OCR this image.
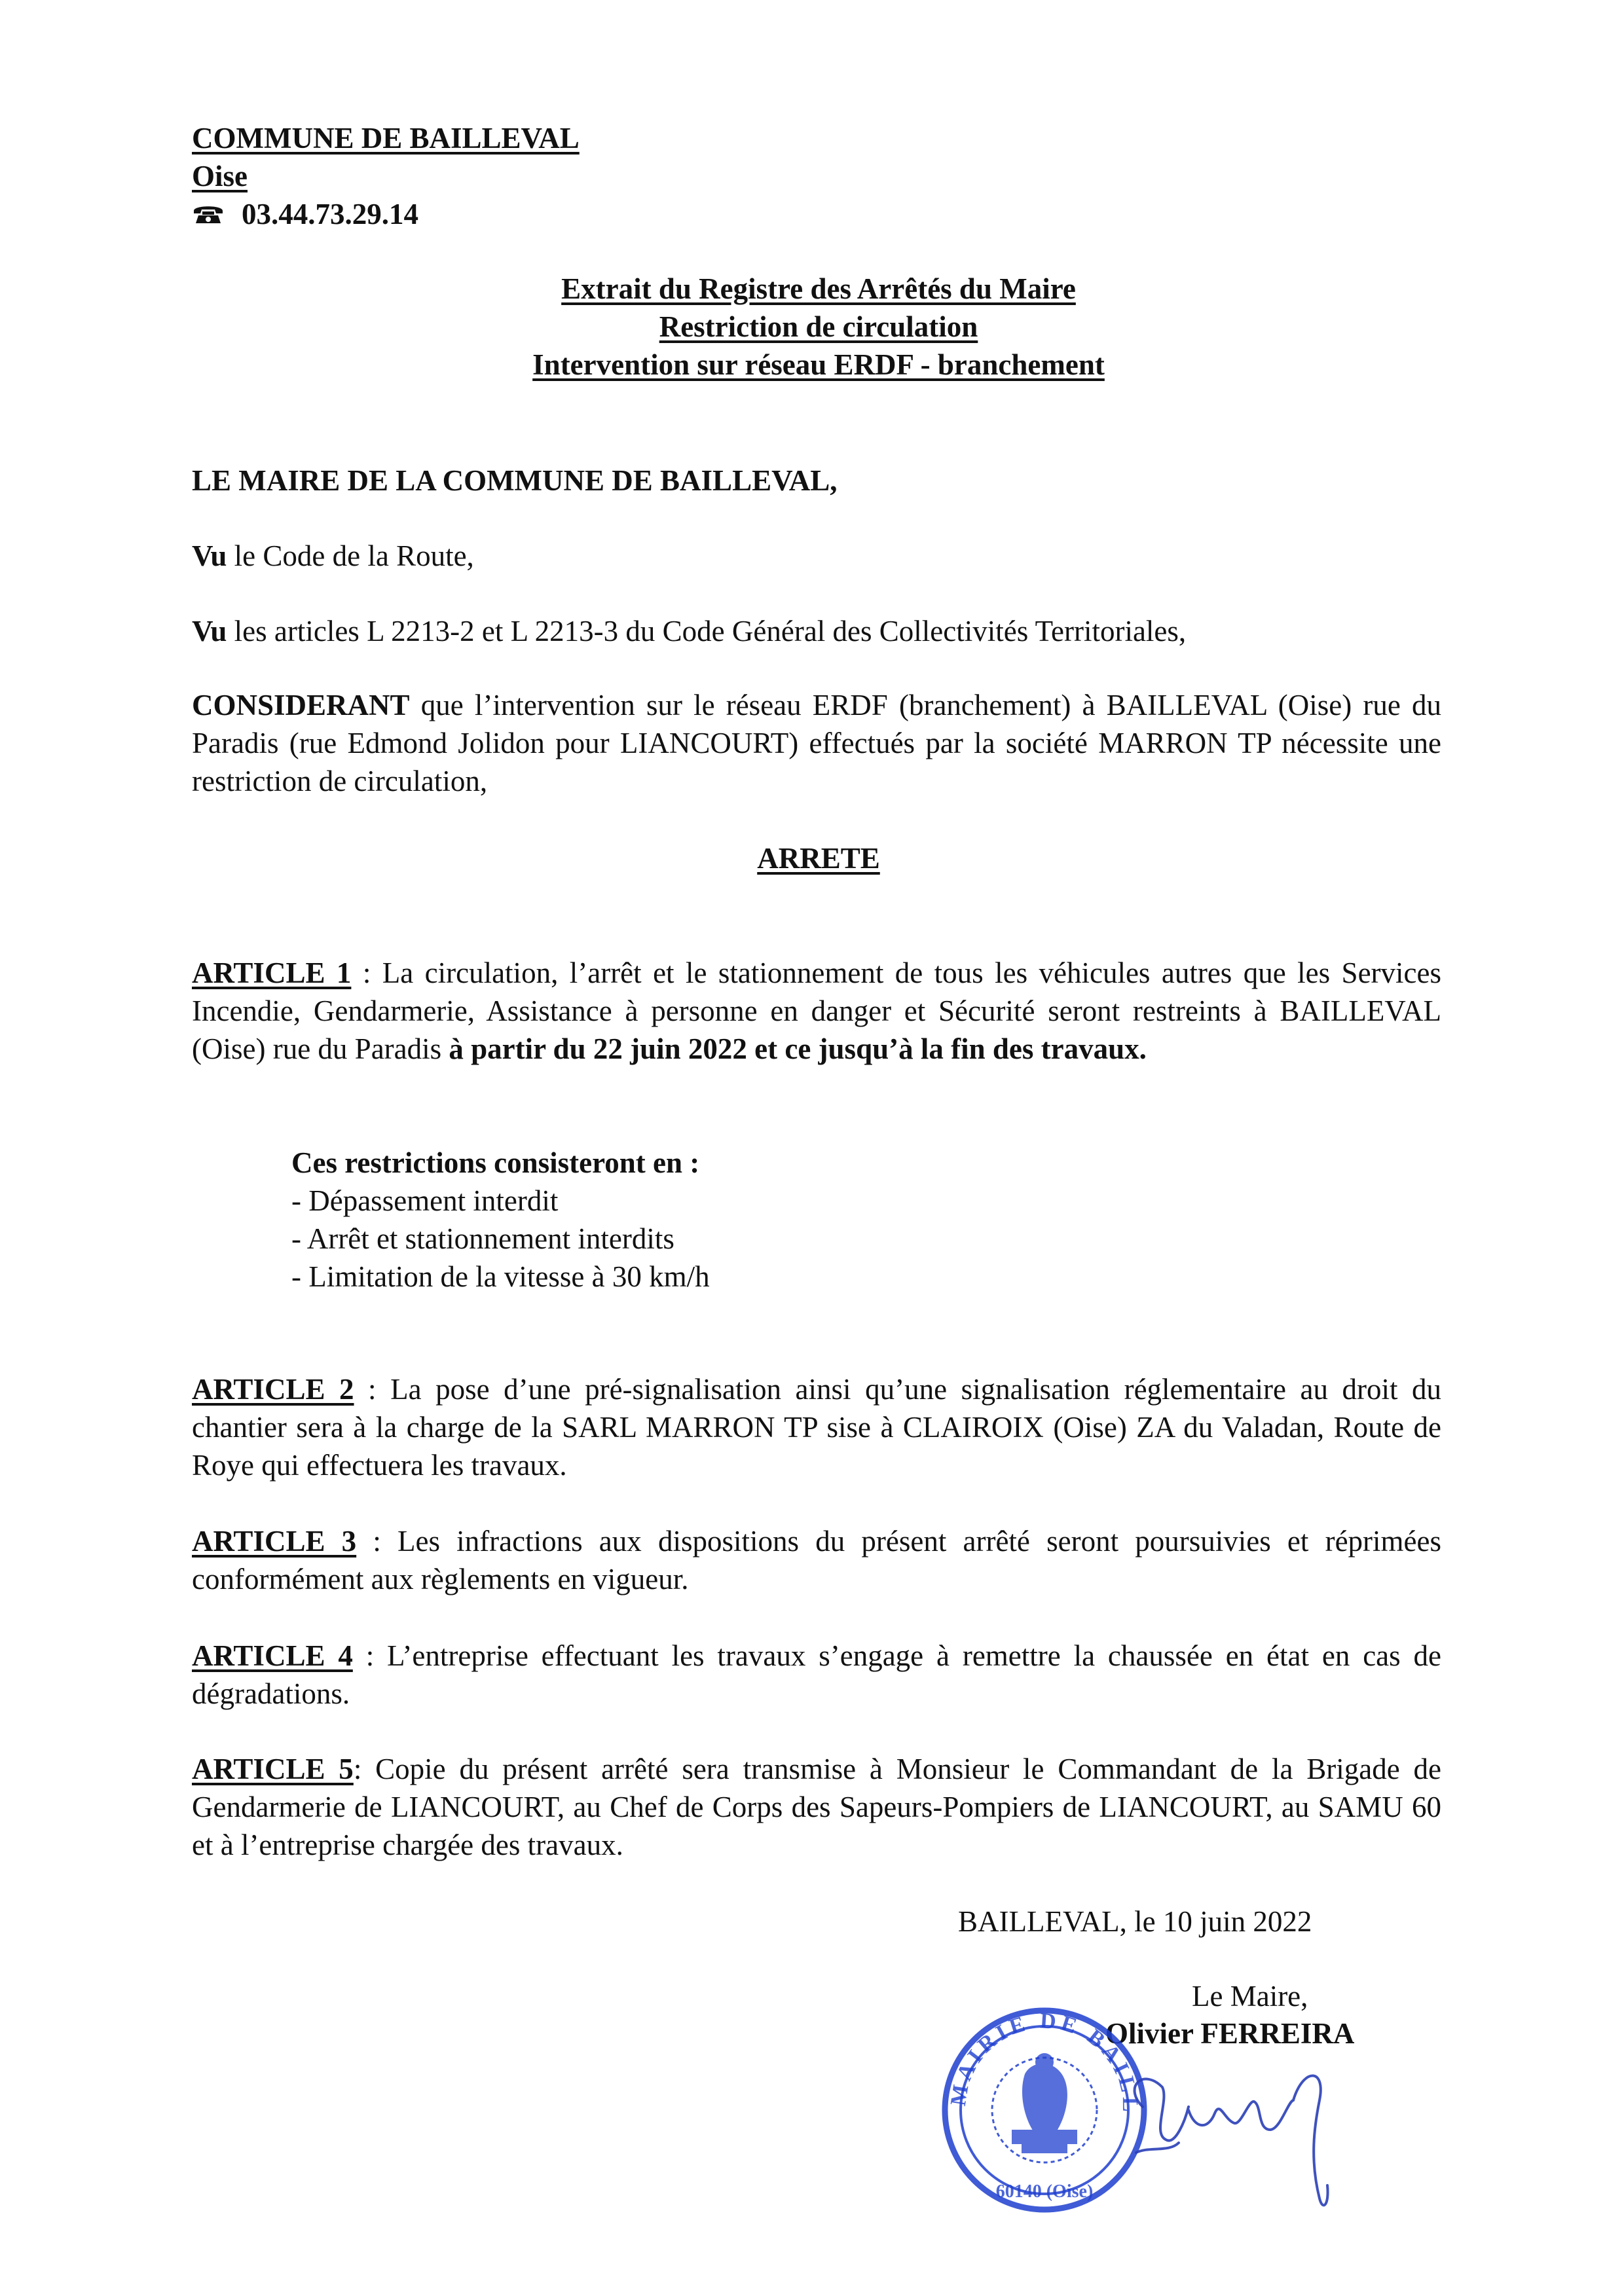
COMMUNE DE BAILLEVAL
Oise
03.44.73.29.14
Extrait du Registre des Arrêtés du Maire
Restriction de circulation
Intervention sur réseau ERDF - branchement
LE MAIRE DE LA COMMUNE DE BAILLEVAL,
Vu le Code de la Route,
Vu les articles L 2213-2 et L 2213-3 du Code Général des Collectivités Territoriales,
CONSIDERANT que l’intervention sur le réseau ERDF (branchement) à BAILLEVAL (Oise) rue du Paradis (rue Edmond Jolidon pour LIANCOURT) effectués par la société MARRON TP nécessite une restriction de circulation,
ARRETE
ARTICLE 1 : La circulation, l’arrêt et le stationnement de tous les véhicules autres que les Services Incendie, Gendarmerie, Assistance à personne en danger et Sécurité seront restreints à BAILLEVAL (Oise) rue du Paradis à partir du 22 juin 2022 et ce jusqu’à la fin des travaux.
Ces restrictions consisteront en :
- Dépassement interdit
- Arrêt et stationnement interdits
- Limitation de la vitesse à 30 km/h
ARTICLE 2 : La pose d’une pré-signalisation ainsi qu’une signalisation réglementaire au droit du chantier sera à la charge de la SARL MARRON TP sise à CLAIROIX (Oise) ZA du Valadan, Route de Roye qui effectuera les travaux.
ARTICLE 3 : Les infractions aux dispositions du présent arrêté seront poursuivies et réprimées conformément aux règlements en vigueur.
ARTICLE 4 : L’entreprise effectuant les travaux s’engage à remettre la chaussée en état en cas de dégradations.
ARTICLE 5: Copie du présent arrêté sera transmise à Monsieur le Commandant de la Brigade de Gendarmerie de LIANCOURT, au Chef de Corps des Sapeurs-Pompiers de LIANCOURT, au SAMU 60 et à l’entreprise chargée des travaux.
BAILLEVAL, le 10 juin 2022
Le Maire,
Olivier FERREIRA
MAIRIE DE BAILL
60140 (Oise)
